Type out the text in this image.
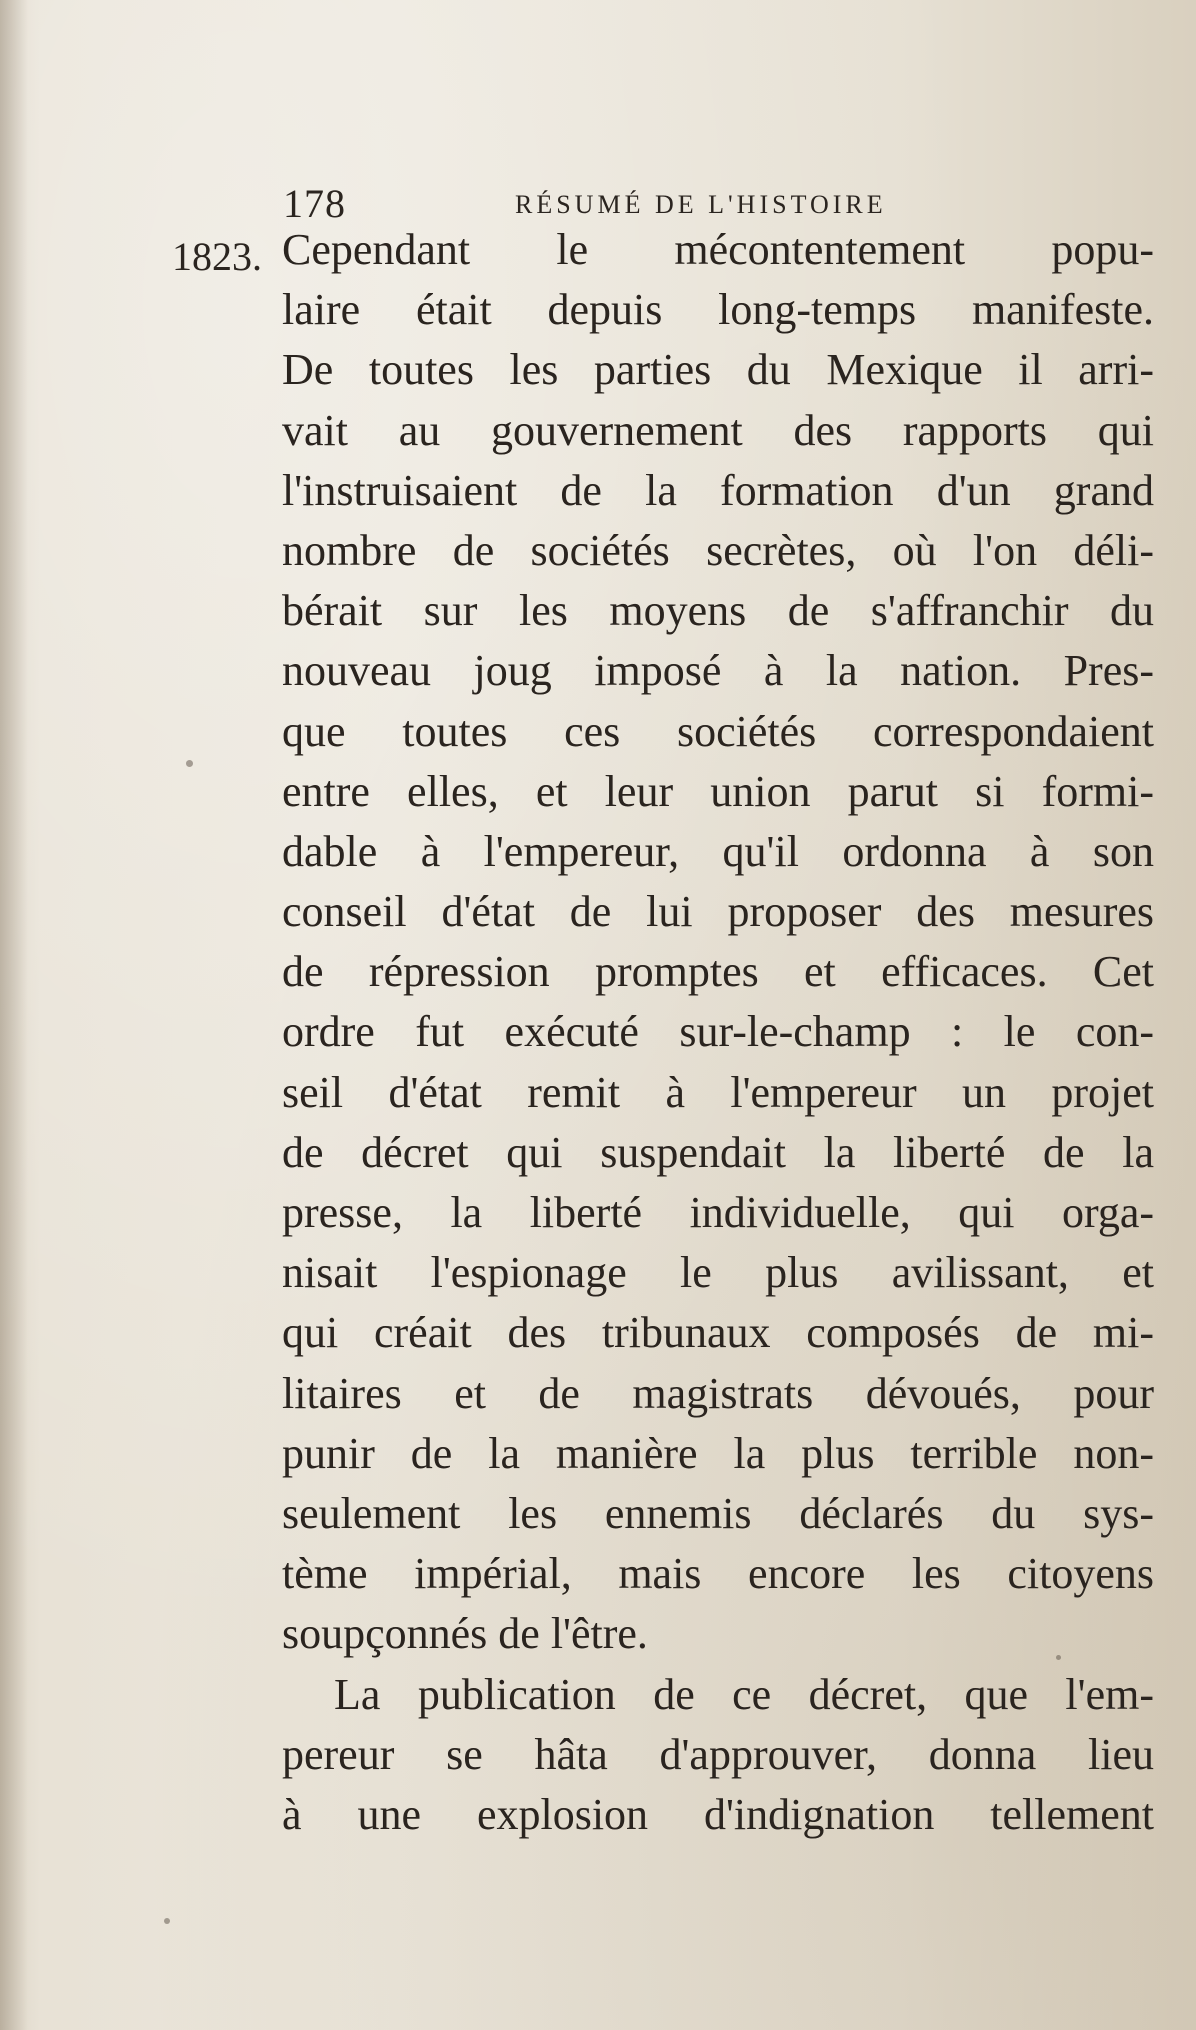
178	RÉSUMÉ DE L'HISTOIRE
1823. Cependant le mécontentement popu-
laire était depuis long-temps manifeste.
De toutes les parties du Mexique il arri-
vait au gouvernement des rapports qui
l'instruisaient de la formation d'un grand
nombre de sociétés secrètes, où l'on déli-
bérait sur les moyens de s'affranchir du
nouveau joug imposé à la nation. Pres-
que toutes ces sociétés correspondaient
entre elles, et leur union parut si formi-
dable à l'empereur, qu'il ordonna à son
conseil d'état de lui proposer des mesures
de répression promptes et efficaces. Cet
ordre fut exécuté sur-le-champ : le con-
seil d'état remit à l'empereur un projet
de décret qui suspendait la liberté de la
presse, la liberté individuelle, qui orga-
nisait l'espionage le plus avilissant, et
qui créait des tribunaux composés de mi-
litaires et de magistrats dévoués, pour
punir de la manière la plus terrible non-
seulement les ennemis déclarés du sys-
tème impérial, mais encore les citoyens
soupçonnés de l'être.
La publication de ce décret, que l'em-
pereur se hâta d'approuver, donna lieu
à une explosion d'indignation tellement
